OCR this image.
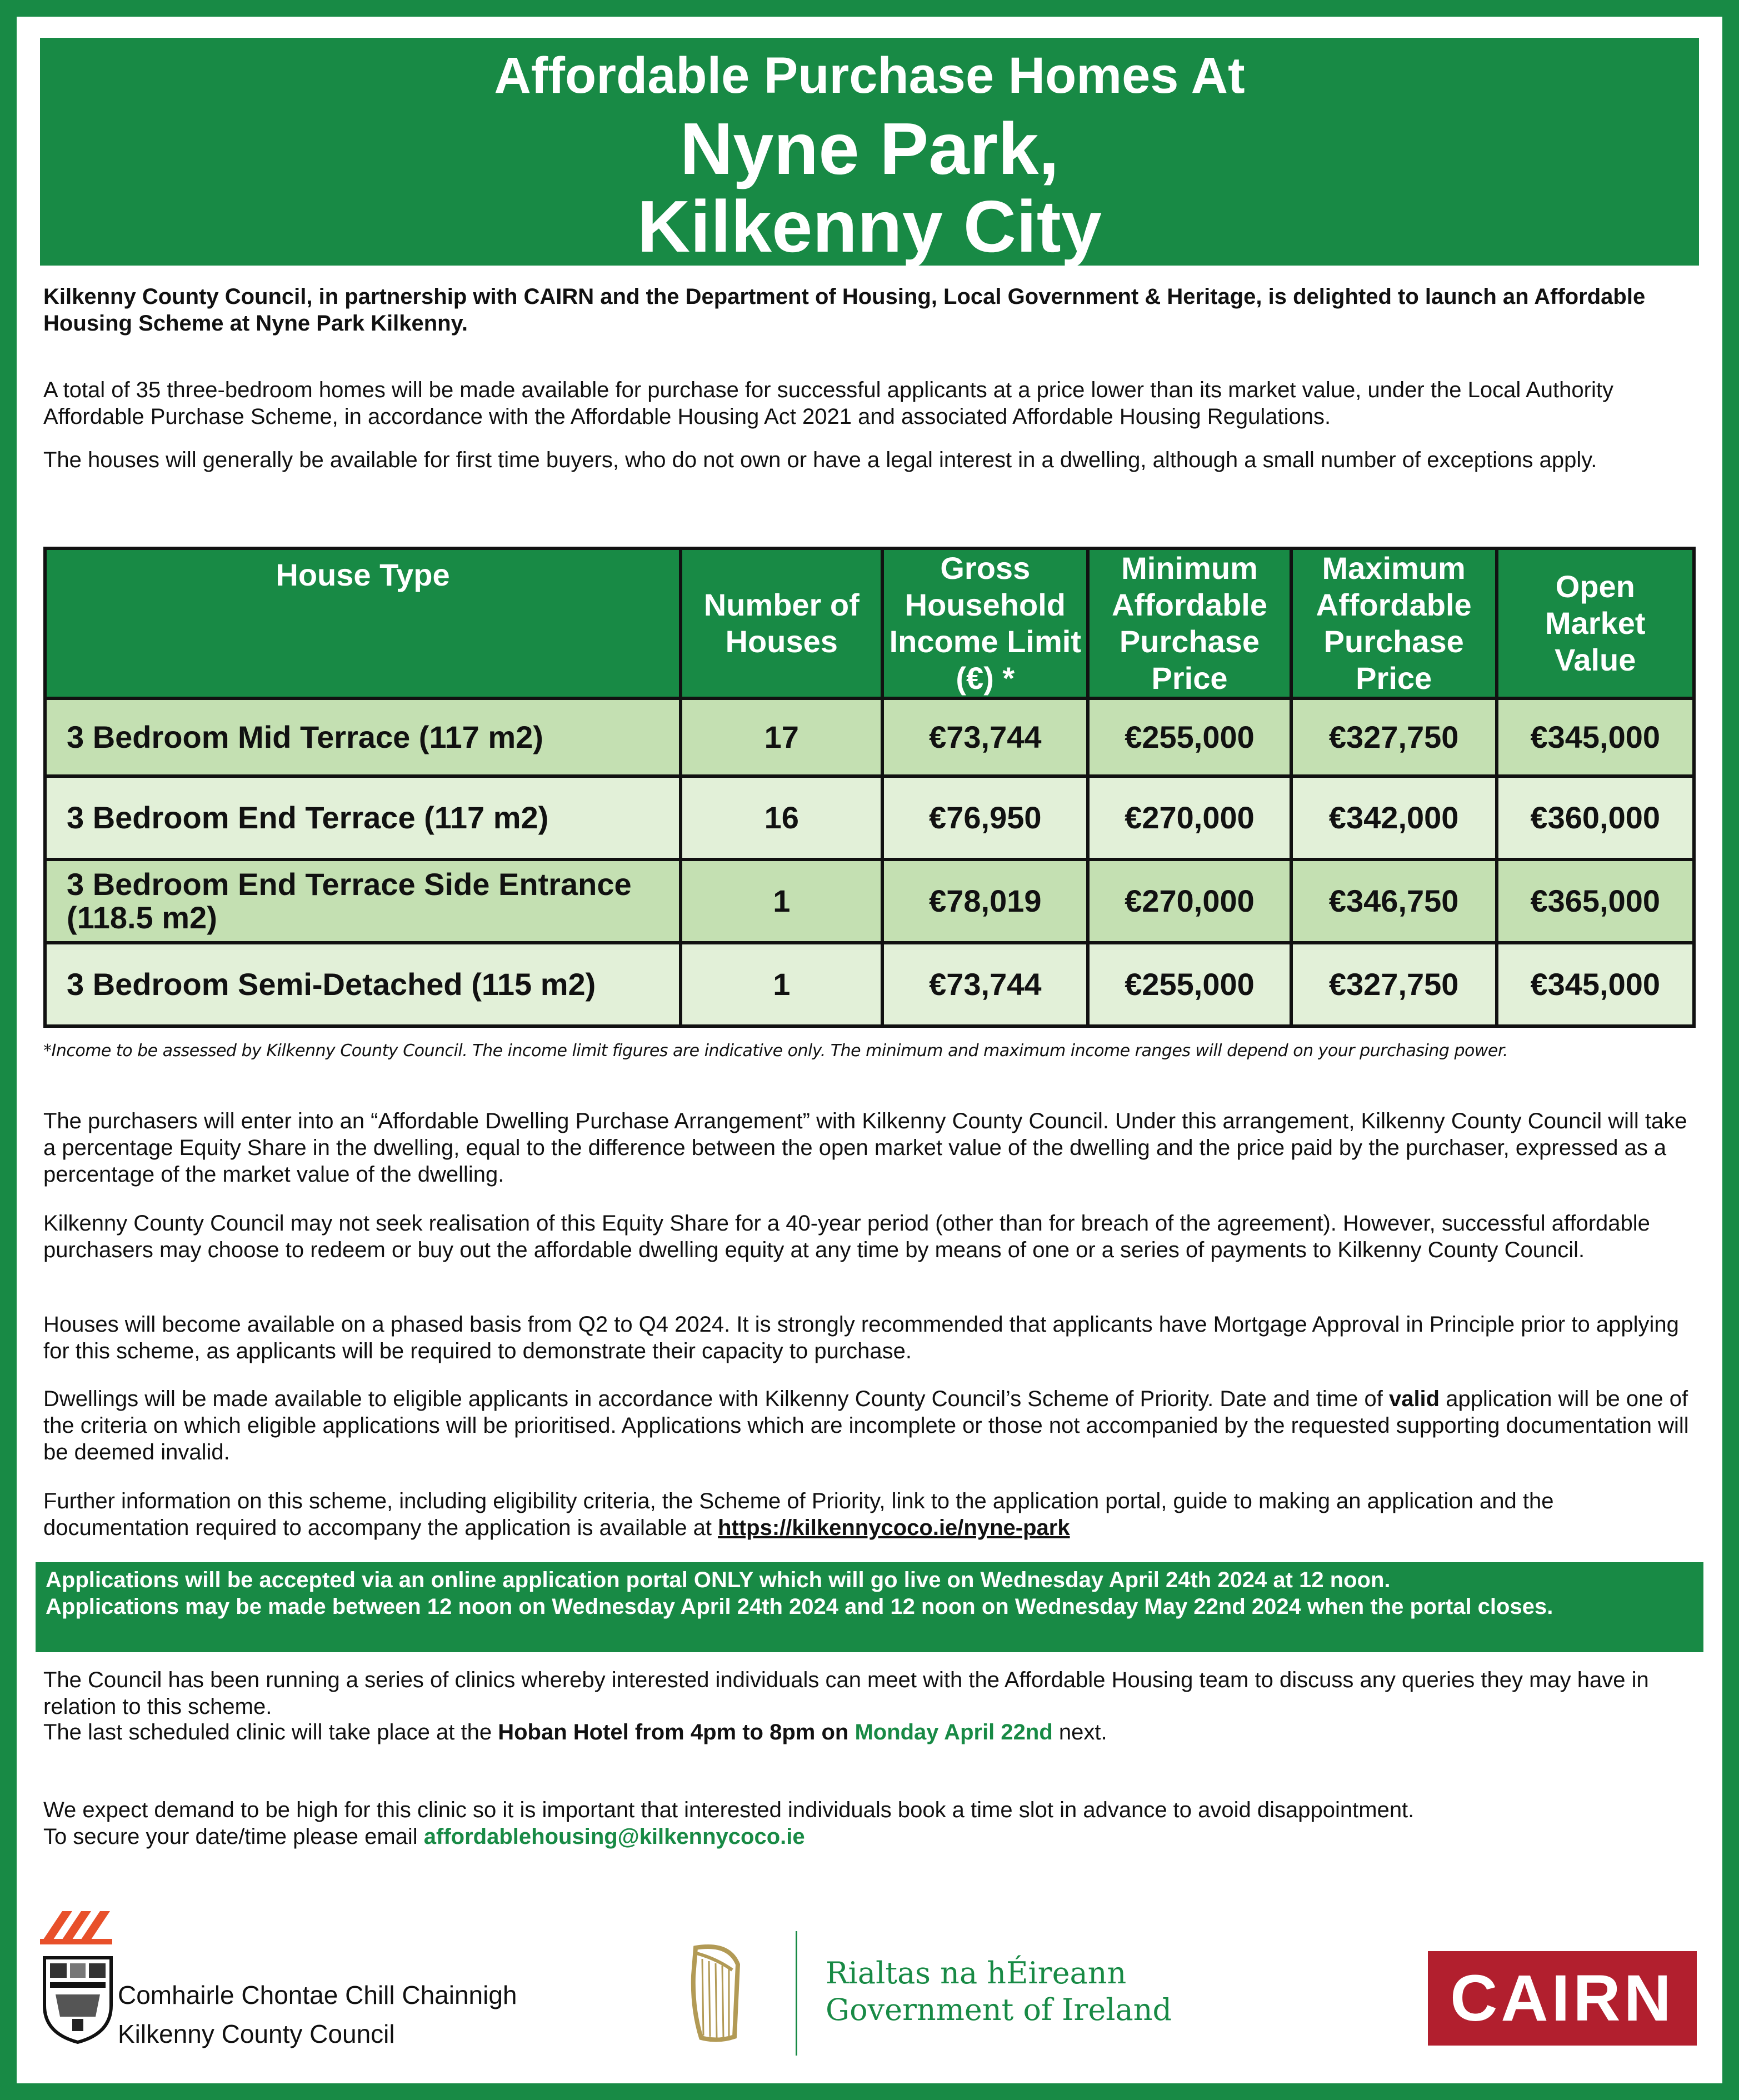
Affordable Purchase Homes At
Nyne Park,
Kilkenny City
Kilkenny County Council, in partnership with CAIRN and the Department of Housing, Local Government & Heritage, is delighted to launch an Affordable Housing Scheme at Nyne Park Kilkenny.
A total of 35 three-bedroom homes will be made available for purchase for successful applicants at a price lower than its market value, under the Local Authority Affordable Purchase Scheme, in accordance with the Affordable Housing Act 2021 and associated Affordable Housing Regulations.
The houses will generally be available for first time buyers, who do not own or have a legal interest in a dwelling, although a small number of exceptions apply.
House Type	Number of Houses	Gross Household Income Limit (€) *	Minimum Affordable Purchase Price	Maximum Affordable Purchase Price	Open Market Value
3 Bedroom Mid Terrace (117 m2)	17	€73,744	€255,000	€327,750	€345,000
3 Bedroom End Terrace (117 m2)	16	€76,950	€270,000	€342,000	€360,000
3 Bedroom End Terrace Side Entrance (118.5 m2)	1	€78,019	€270,000	€346,750	€365,000
3 Bedroom Semi-Detached (115 m2)	1	€73,744	€255,000	€327,750	€345,000
*Income to be assessed by Kilkenny County Council. The income limit figures are indicative only. The minimum and maximum income ranges will depend on your purchasing power.
The purchasers will enter into an “Affordable Dwelling Purchase Arrangement” with Kilkenny County Council. Under this arrangement, Kilkenny County Council will take a percentage Equity Share in the dwelling, equal to the difference between the open market value of the dwelling and the price paid by the purchaser, expressed as a percentage of the market value of the dwelling.
Kilkenny County Council may not seek realisation of this Equity Share for a 40-year period (other than for breach of the agreement). However, successful affordable purchasers may choose to redeem or buy out the affordable dwelling equity at any time by means of one or a series of payments to Kilkenny County Council.
Houses will become available on a phased basis from Q2 to Q4 2024. It is strongly recommended that applicants have Mortgage Approval in Principle prior to applying for this scheme, as applicants will be required to demonstrate their capacity to purchase.
Dwellings will be made available to eligible applicants in accordance with Kilkenny County Council’s Scheme of Priority. Date and time of valid application will be one of the criteria on which eligible applications will be prioritised. Applications which are incomplete or those not accompanied by the requested supporting documentation will be deemed invalid.
Further information on this scheme, including eligibility criteria, the Scheme of Priority, link to the application portal, guide to making an application and the documentation required to accompany the application is available at https://kilkennycoco.ie/nyne-park
Applications will be accepted via an online application portal ONLY which will go live on Wednesday April 24th 2024 at 12 noon.
Applications may be made between 12 noon on Wednesday April 24th 2024 and 12 noon on Wednesday May 22nd 2024 when the portal closes.
The Council has been running a series of clinics whereby interested individuals can meet with the Affordable Housing team to discuss any queries they may have in relation to this scheme.
The last scheduled clinic will take place at the Hoban Hotel from 4pm to 8pm on Monday April 22nd next.
We expect demand to be high for this clinic so it is important that interested individuals book a time slot in advance to avoid disappointment.
To secure your date/time please email affordablehousing@kilkennycoco.ie
Comhairle Chontae Chill Chainnigh
Kilkenny County Council
Rialtas na hÉireann
Government of Ireland	CAIRN
